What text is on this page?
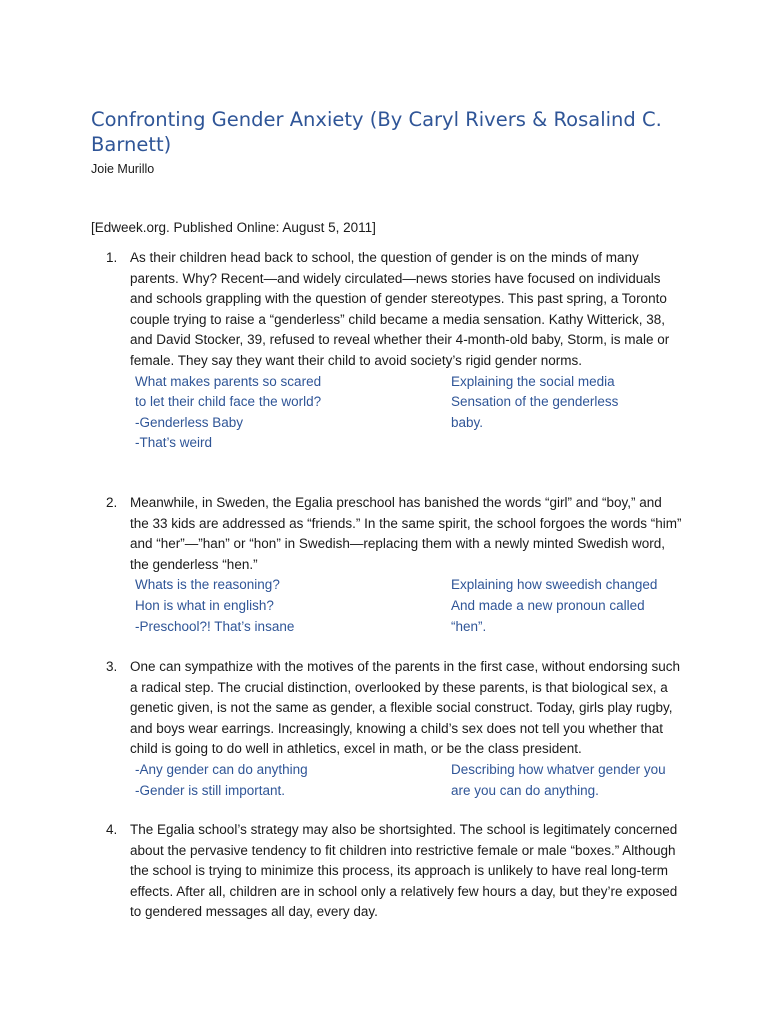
Confronting Gender Anxiety (By Caryl Rivers & Rosalind C. Barnett)

Joie Murillo

[Edweek.org. Published Online: August 5, 2011]

1. As their children head back to school, the question of gender is on the minds of many parents. Why? Recent—and widely circulated—news stories have focused on individuals and schools grappling with the question of gender stereotypes. This past spring, a Toronto couple trying to raise a “genderless” child became a media sensation. Kathy Witterick, 38, and David Stocker, 39, refused to reveal whether their 4-month-old baby, Storm, is male or female. They say they want their child to avoid society’s rigid gender norms.

What makes parents so scared
to let their child face the world?
-Genderless Baby
-That’s weird
Explaining the social media
Sensation of the genderless
baby.
2. Meanwhile, in Sweden, the Egalia preschool has banished the words “girl” and “boy,” and the 33 kids are addressed as “friends.” In the same spirit, the school forgoes the words “him” and “her”—”han” or “hon” in Swedish—replacing them with a newly minted Swedish word, the genderless “hen.”

Whats is the reasoning?
Hon is what in english?
-Preschool?! That’s insane
Explaining how sweedish changed
And made a new pronoun called
“hen”.
3. One can sympathize with the motives of the parents in the first case, without endorsing such a radical step. The crucial distinction, overlooked by these parents, is that biological sex, a genetic given, is not the same as gender, a flexible social construct. Today, girls play rugby, and boys wear earrings. Increasingly, knowing a child’s sex does not tell you whether that child is going to do well in athletics, excel in math, or be the class president.

-Any gender can do anything
-Gender is still important.
Describing how whatver gender you
are you can do anything.
4. The Egalia school’s strategy may also be shortsighted. The school is legitimately concerned about the pervasive tendency to fit children into restrictive female or male “boxes.” Although the school is trying to minimize this process, its approach is unlikely to have real long-term effects. After all, children are in school only a relatively few hours a day, but they’re exposed to gendered messages all day, every day.
